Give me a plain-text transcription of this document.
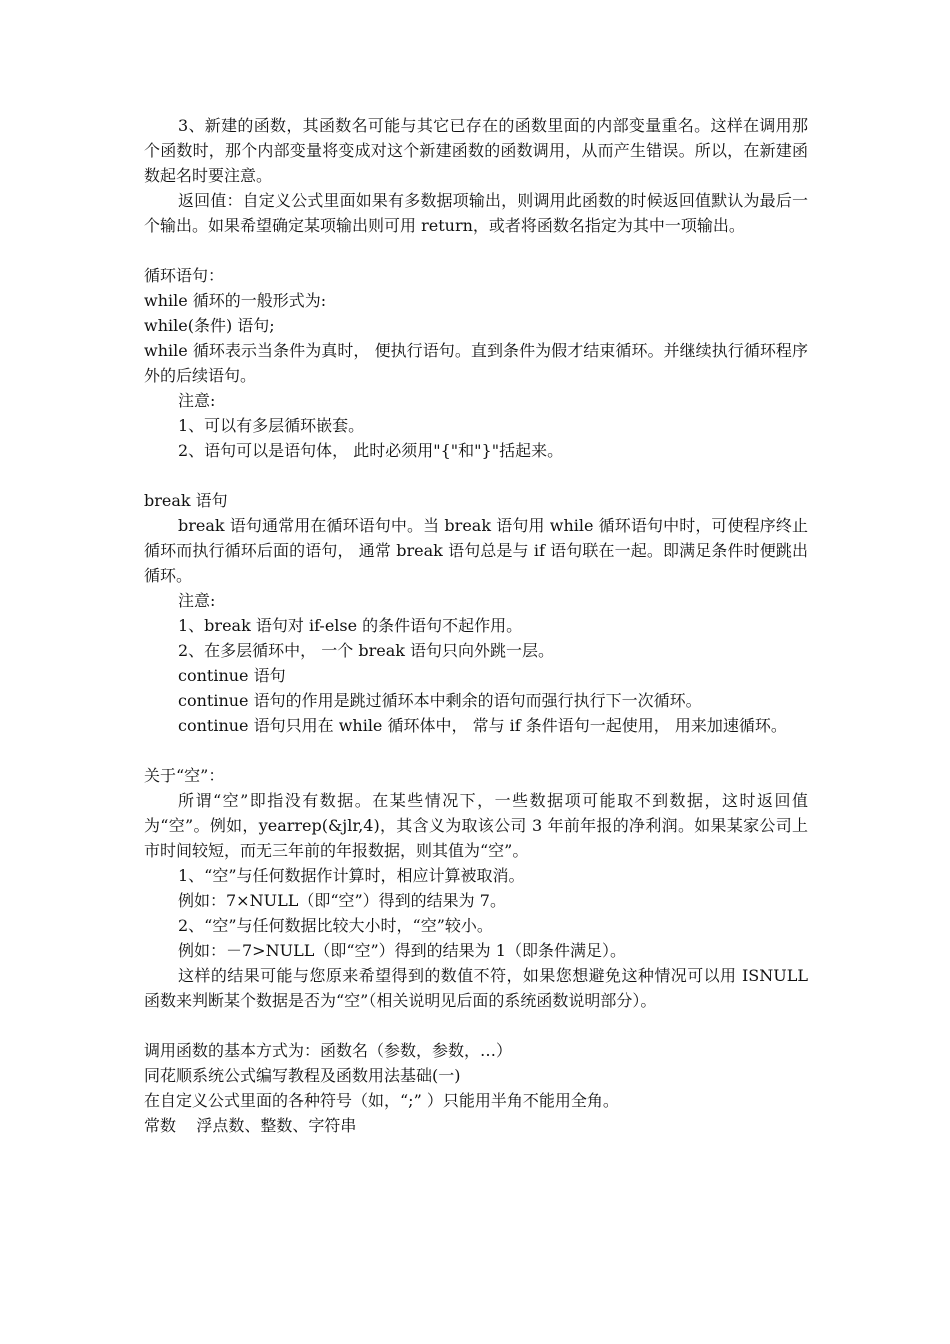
3、新建的函数，其函数名可能与其它已存在的函数里面的内部变量重名。这样在调用那个函数时，那个内部变量将变成对这个新建函数的函数调用，从而产生错误。所以，在新建函数起名时要注意。

返回值：自定义公式里面如果有多数据项输出，则调用此函数的时候返回值默认为最后一个输出。如果希望确定某项输出则可用 return，或者将函数名指定为其中一项输出。

循环语句：

while 循环的一般形式为:

while(条件) 语句;

while 循环表示当条件为真时， 便执行语句。直到条件为假才结束循环。并继续执行循环程序外的后续语句。

注意:

1、可以有多层循环嵌套。

2、语句可以是语句体， 此时必须用"{"和"}"括起来。

break 语句

break 语句通常用在循环语句中。当 break 语句用 while 循环语句中时，可使程序终止循环而执行循环后面的语句， 通常 break 语句总是与 if 语句联在一起。即满足条件时便跳出循环。

注意:

1、break 语句对 if-else 的条件语句不起作用。

2、在多层循环中， 一个 break 语句只向外跳一层。

continue 语句

continue 语句的作用是跳过循环本中剩余的语句而强行执行下一次循环。

continue 语句只用在 while 循环体中， 常与 if 条件语句一起使用， 用来加速循环。

关于“空”：

所谓“空”即指没有数据。在某些情况下，一些数据项可能取不到数据，这时返回值为“空”。例如，yearrep(&jlr,4)，其含义为取该公司 3 年前年报的净利润。如果某家公司上市时间较短，而无三年前的年报数据，则其值为“空”。

1、“空”与任何数据作计算时，相应计算被取消。

例如：7×NULL（即“空”）得到的结果为 7。

2、“空”与任何数据比较大小时，“空”较小。

例如：－7>NULL（即“空”）得到的结果为 1（即条件满足）。

这样的结果可能与您原来希望得到的数值不符，如果您想避免这种情况可以用 ISNULL 函数来判断某个数据是否为“空”（相关说明见后面的系统函数说明部分）。

调用函数的基本方式为：函数名（参数，参数，…）

同花顺系统公式编写教程及函数用法基础(一)

在自定义公式里面的各种符号（如，“;” ）只能用半角不能用全角。

常数    浮点数、整数、字符串
